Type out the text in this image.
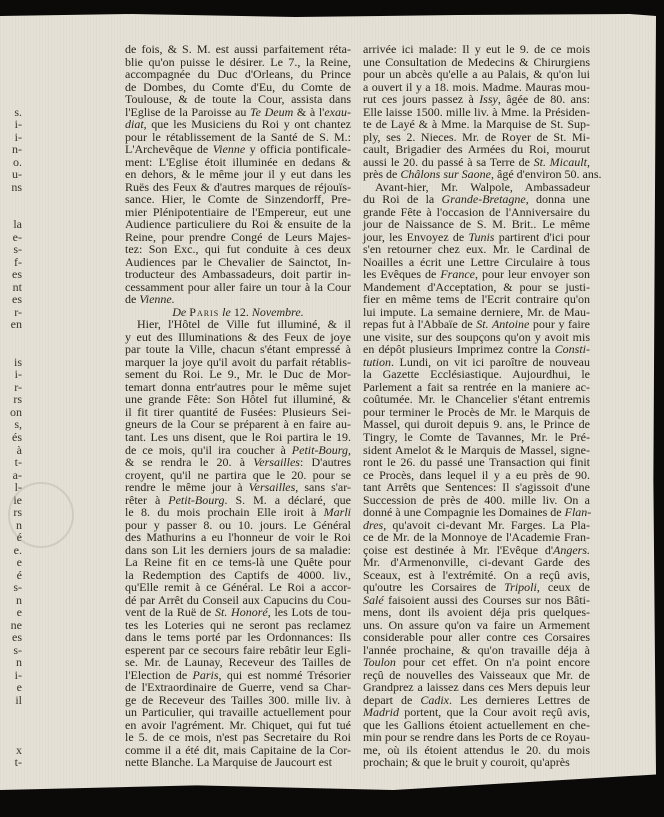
s.
i-
i-
n-
o.
u-
ns
la
e-
s-
f-
es
nt
es
r-
en
is
i-
r-
rs
on
s,
és
à
t-
a-
l-
ie
rs
n
é
e.
e
é
s-
n
e
ne
es
s-
n
i-
e
il
x
t-
de fois, & S. M. est aussi parfaitement réta-
blie qu'on puisse le désirer. Le 7., la Reine,
accompagnée du Duc d'Orleans, du Prince
de Dombes, du Comte d'Eu, du Comte de
Toulouse, & de toute la Cour, assista dans
l'Eglise de la Paroisse au Te Deum & à l'exau-
diat, que les Musiciens du Roi y ont chantez
pour le rétablissement de la Santé de S. M.:
L'Archevêque de Vienne y officia pontificale-
ment: L'Eglise étoit illuminée en dedans &
en dehors, & le même jour il y eut dans les
Ruës des Feux & d'autres marques de réjouïs-
sance. Hier, le Comte de Sinzendorff, Pre-
mier Plénipotentiaire de l'Empereur, eut une
Audience particuliere du Roi & ensuite de la
Reine, pour prendre Congé de Leurs Majes-
tez: Son Exc., qui fut conduite à ces deux
Audiences par le Chevalier de Sainctot, In-
troducteur des Ambassadeurs, doit partir in-
cessamment pour aller faire un tour à la Cour
de Vienne.
De Paris le 12. Novembre.
Hier, l'Hôtel de Ville fut illuminé, & il
y eut des Illuminations & des Feux de joye
par toute la Ville, chacun s'étant empressé à
marquer la joye qu'il avoit du parfait rétablis-
sement du Roi. Le 9., Mr. le Duc de Mor-
temart donna entr'autres pour le même sujet
une grande Fête: Son Hôtel fut illuminé, &
il fit tirer quantité de Fusées: Plusieurs Sei-
gneurs de la Cour se préparent à en faire au-
tant. Les uns disent, que le Roi partira le 19.
de ce mois, qu'il ira coucher à Petit-Bourg,
& se rendra le 20. à Versailles: D'autres
croyent, qu'il ne partira que le 20. pour se
rendre le même jour à Versailles, sans s'ar-
rêter à Petit-Bourg. S. M. a déclaré, que
le 8. du mois prochain Elle iroit à Marli
pour y passer 8. ou 10. jours. Le Général
des Mathurins a eu l'honneur de voir le Roi
dans son Lit les derniers jours de sa maladie:
La Reine fit en ce tems-là une Quête pour
la Redemption des Captifs de 4000. liv.,
qu'Elle remit à ce Général. Le Roi a accor-
dé par Arrêt du Conseil aux Capucins du Cou-
vent de la Ruë de St. Honoré, les Lots de tou-
tes les Loteries qui ne seront pas reclamez
dans le tems porté par les Ordonnances: Ils
esperent par ce secours faire rebâtir leur Egli-
se. Mr. de Launay, Receveur des Tailles de
l'Election de Paris, qui est nommé Trésorier
de l'Extraordinaire de Guerre, vend sa Char-
ge de Receveur des Tailles 300. mille liv. à
un Particulier, qui travaille actuellement pour
en avoir l'agrément. Mr. Chiquet, qui fut tué
le 5. de ce mois, n'est pas Secretaire du Roi
comme il a été dit, mais Capitaine de la Cor-
nette Blanche. La Marquise de Jaucourt est
arrivée ici malade: Il y eut le 9. de ce mois
une Consultation de Medecins & Chirurgiens
pour un abcès qu'elle a au Palais, & qu'on lui
a ouvert il y a 18. mois. Madme. Mauras mou-
rut ces jours passez à Issy, âgée de 80. ans:
Elle laisse 1500. mille liv. à Mme. la Présiden-
te de Layé & à Mme. la Marquise de St. Sup-
ply, ses 2. Nieces. Mr. de Royer de St. Mi-
cault, Brigadier des Armées du Roi, mourut
aussi le 20. du passé à sa Terre de St. Micault,
près de Châlons sur Saone, âgé d'environ 50. ans.
Avant-hier, Mr. Walpole, Ambassadeur
du Roi de la Grande-Bretagne, donna une
grande Fête à l'occasion de l'Anniversaire du
jour de Naissance de S. M. Brit.. Le même
jour, les Envoyez de Tunis partirent d'ici pour
s'en retourner chez eux. Mr. le Cardinal de
Noailles a écrit une Lettre Circulaire à tous
les Evêques de France, pour leur envoyer son
Mandement d'Acceptation, & pour se justi-
fier en même tems de l'Ecrit contraire qu'on
lui impute. La semaine derniere, Mr. de Mau-
repas fut à l'Abbaïe de St. Antoine pour y faire
une visite, sur des soupçons qu'on y avoit mis
en dépôt plusieurs Imprimez contre la Consti-
tution. Lundi, on vit ici paroître de nouveau
la Gazette Ecclésiastique. Aujourdhui, le
Parlement a fait sa rentrée en la maniere ac-
coûtumée. Mr. le Chancelier s'étant entremis
pour terminer le Procès de Mr. le Marquis de
Massel, qui duroit depuis 9. ans, le Prince de
Tingry, le Comte de Tavannes, Mr. le Pré-
sident Amelot & le Marquis de Massel, signe-
ront le 26. du passé une Transaction qui finit
ce Procès, dans lequel il y a eu près de 90.
tant Arrêts que Sentences: Il s'agissoit d'une
Succession de près de 400. mille liv. On a
donné à une Compagnie les Domaines de Flan-
dres, qu'avoit ci-devant Mr. Farges. La Pla-
ce de Mr. de la Monnoye de l'Academie Fran-
çoise est destinée à Mr. l'Evêque d'Angers.
Mr. d'Armenonville, ci-devant Garde des
Sceaux, est à l'extrémité. On a reçû avis,
qu'outre les Corsaires de Tripoli, ceux de
Salé faisoient aussi des Courses sur nos Bâti-
mens, dont ils avoient déja pris quelques-
uns. On assure qu'on va faire un Armement
considerable pour aller contre ces Corsaires
l'année prochaine, & qu'on travaille déja à
Toulon pour cet effet. On n'a point encore
reçû de nouvelles des Vaisseaux que Mr. de
Grandprez a laissez dans ces Mers depuis leur
depart de Cadix. Les dernieres Lettres de
Madrid portent, que la Cour avoit reçû avis,
que les Gallions étoient actuellement en che-
min pour se rendre dans les Ports de ce Royau-
me, où ils étoient attendus le 20. du mois
prochain; & que le bruit y couroit, qu'après
